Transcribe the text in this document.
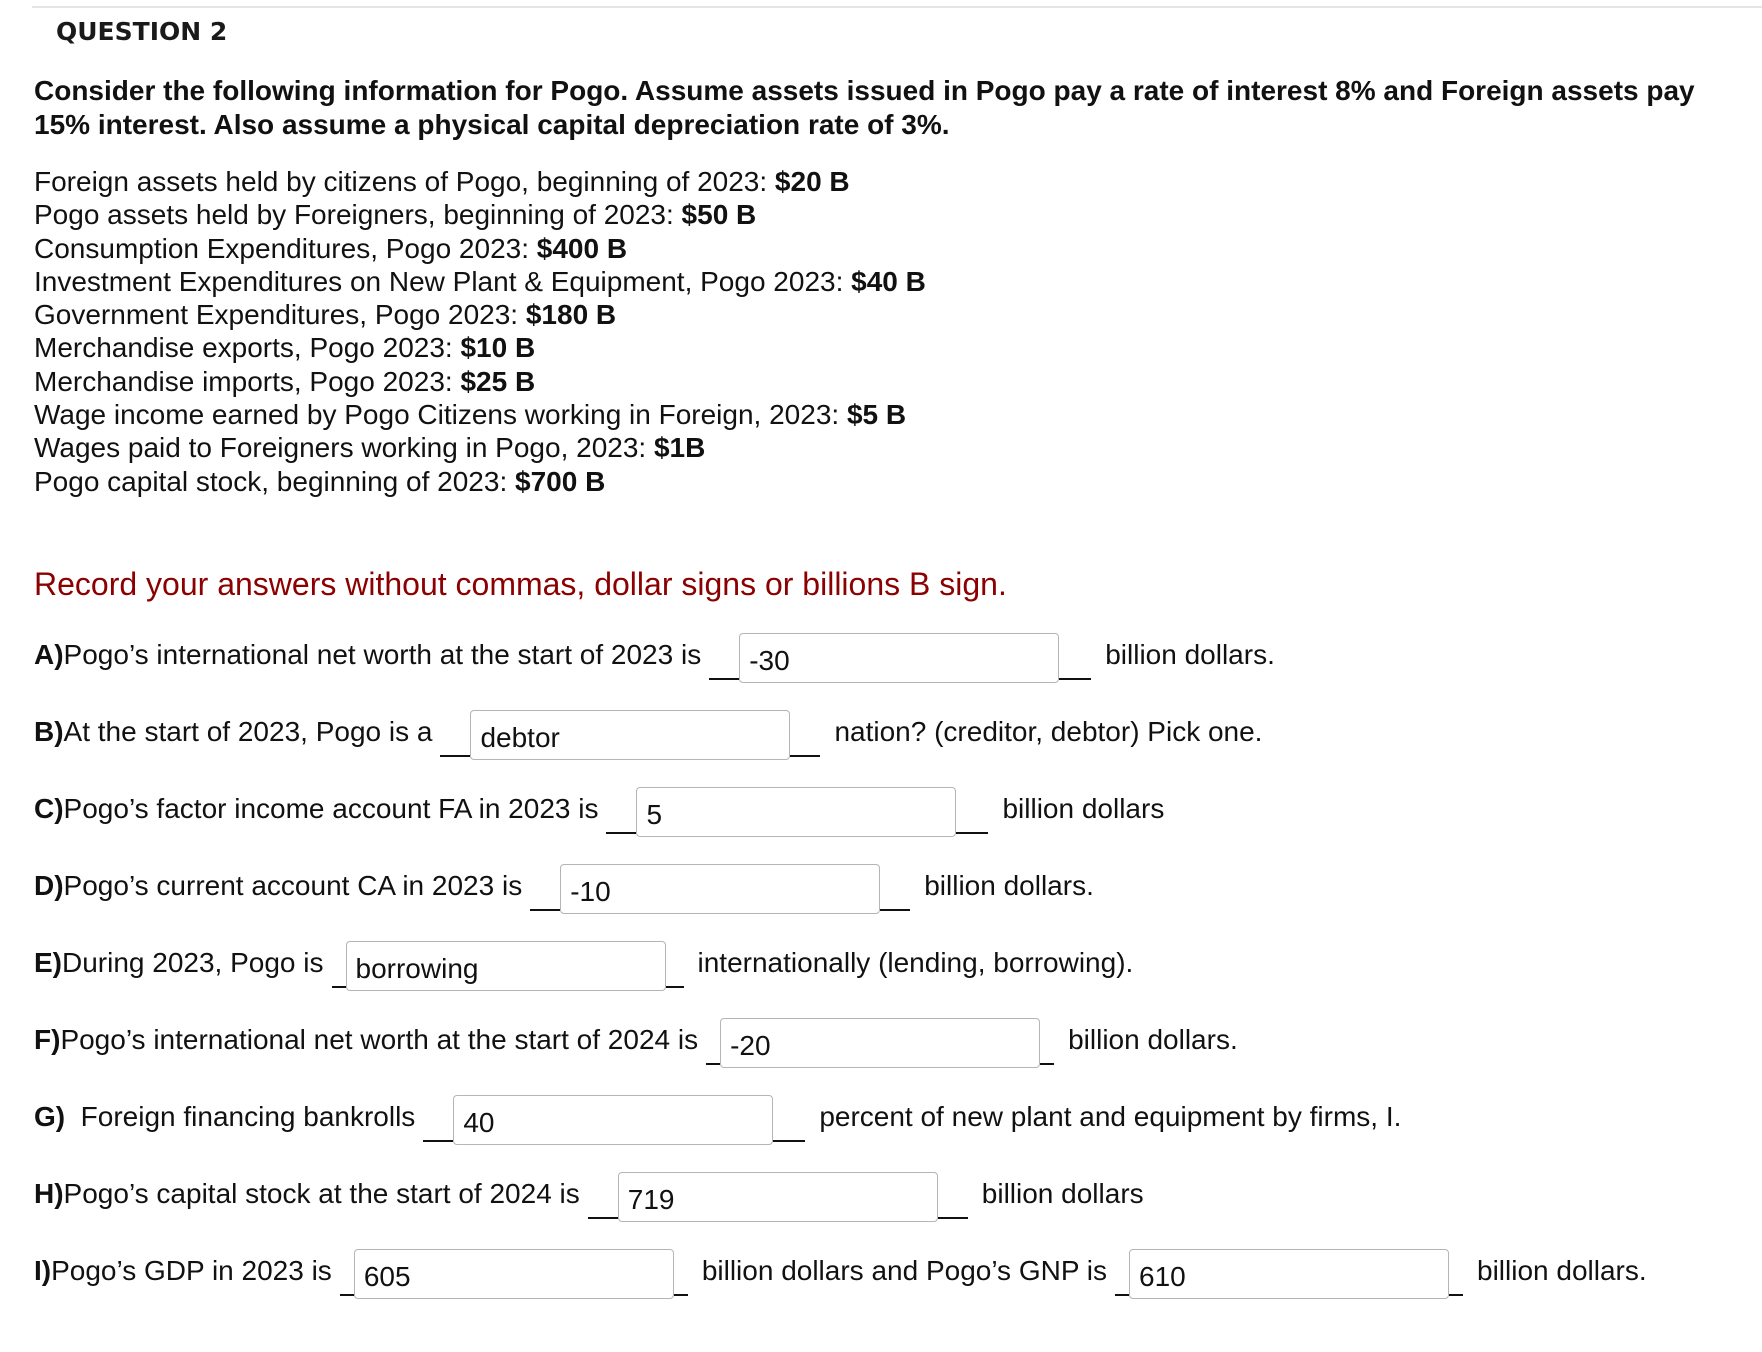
QUESTION 2
Consider the following information for Pogo. Assume assets issued in Pogo pay a rate of interest 8% and Foreign assets pay 15% interest. Also assume a physical capital depreciation rate of 3%.
Foreign assets held by citizens of Pogo, beginning of 2023: $20 B
Pogo assets held by Foreigners, beginning of 2023: $50 B
Consumption Expenditures, Pogo 2023: $400 B
Investment Expenditures on New Plant & Equipment, Pogo 2023: $40 B
Government Expenditures, Pogo 2023: $180 B
Merchandise exports, Pogo 2023: $10 B
Merchandise imports, Pogo 2023: $25 B
Wage income earned by Pogo Citizens working in Foreign, 2023: $5 B
Wages paid to Foreigners working in Pogo, 2023: $1B
Pogo capital stock, beginning of 2023: $700 B
Record your answers without commas, dollar signs or billions B sign.
A) Pogo’s international net worth at the start of 2023 is
-30	billion dollars.
B) At the start of 2023, Pogo is a
debtor	nation? (creditor, debtor) Pick one.
C) Pogo’s factor income account FA in 2023 is
5	billion dollars
D) Pogo’s current account CA in 2023 is
-10	billion dollars.
E) During 2023, Pogo is
borrowing	internationally (lending, borrowing).
F) Pogo’s international net worth at the start of 2024 is
-20	billion dollars.
G) Foreign financing bankrolls
40	percent of new plant and equipment by firms, I.
H) Pogo’s capital stock at the start of 2024 is
719	billion dollars
I) Pogo’s GDP in 2023 is
605	billion dollars and Pogo’s GNP is
610	billion dollars.
